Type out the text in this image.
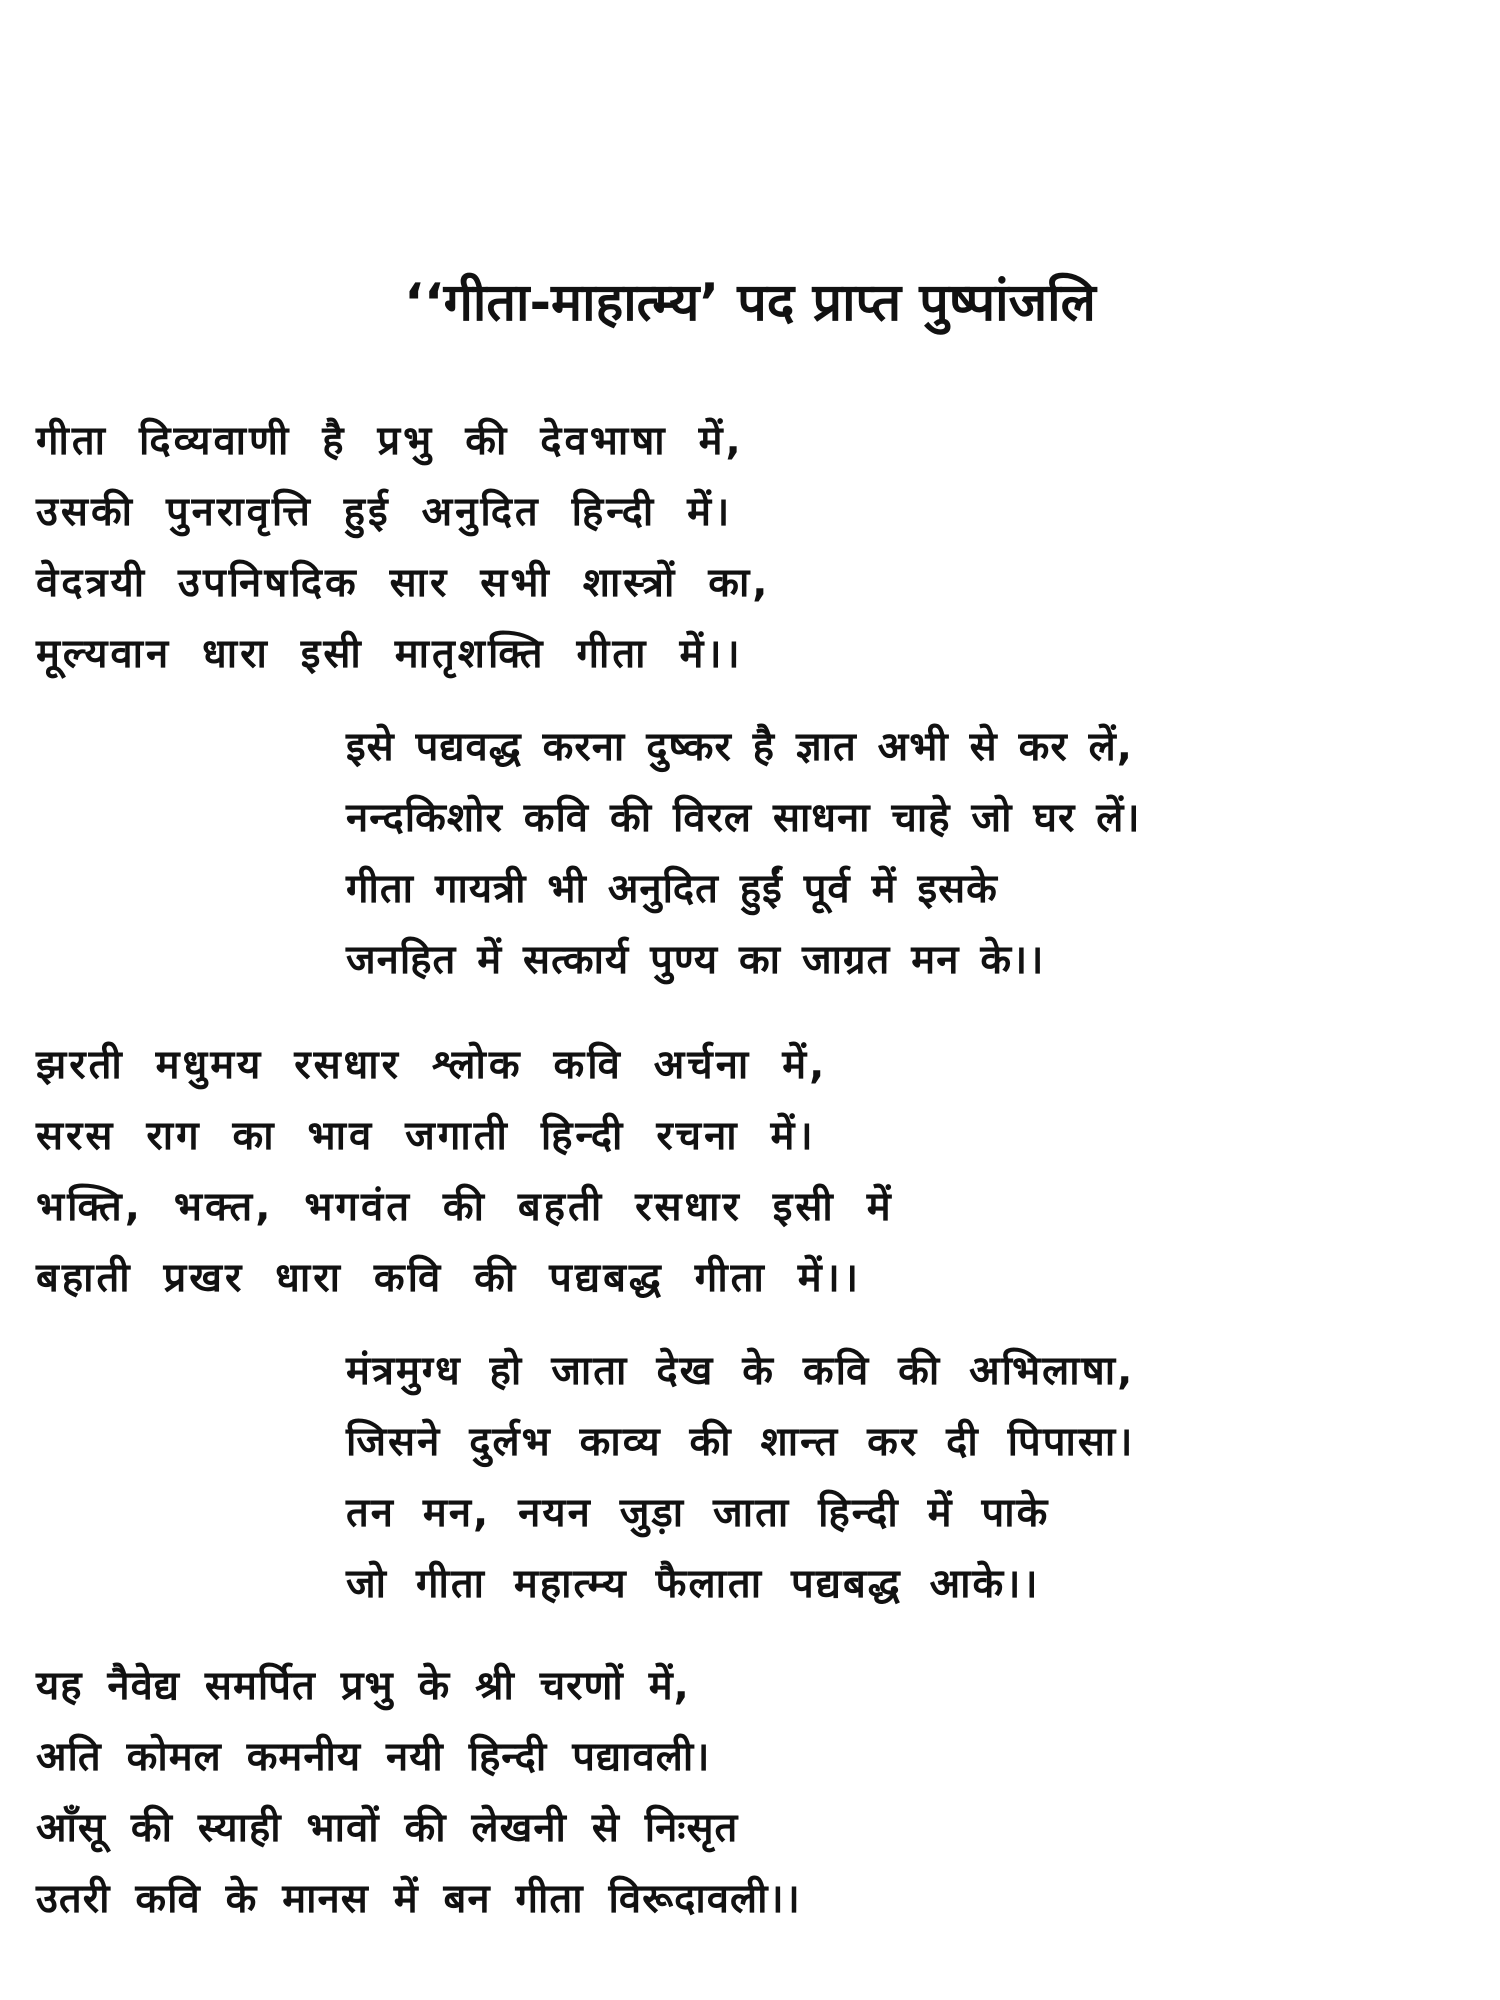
‘‘गीता-माहात्म्य’ पद प्राप्त पुष्पांजलि
गीता दिव्यवाणी है प्रभु की देवभाषा में,
उसकी पुनरावृत्ति हुई अनुदित हिन्दी में।
वेदत्रयी उपनिषदिक सार सभी शास्त्रों का,
मूल्यवान धारा इसी मातृशक्ति गीता में।।
इसे पद्यवद्ध करना दुष्कर है ज्ञात अभी से कर लें,
नन्दकिशोर कवि की विरल साधना चाहे जो घर लें।
गीता गायत्री भी अनुदित हुईं पूर्व में इसके
जनहित में सत्कार्य पुण्य का जाग्रत मन के।।
झरती मधुमय रसधार श्लोक कवि अर्चना में,
सरस राग का भाव जगाती हिन्दी रचना में।
भक्ति, भक्त, भगवंत की बहती रसधार इसी में
बहाती प्रखर धारा कवि की पद्यबद्ध गीता में।।
मंत्रमुग्ध हो जाता देख के कवि की अभिलाषा,
जिसने दुर्लभ काव्य की शान्त कर दी पिपासा।
तन मन, नयन जुड़ा जाता हिन्दी में पाके
जो गीता महात्म्य फैलाता पद्यबद्ध आके।।
यह नैवेद्य समर्पित प्रभु के श्री चरणों में,
अति कोमल कमनीय नयी हिन्दी पद्यावली।
आँसू की स्याही भावों की लेखनी से निःसृत
उतरी कवि के मानस में बन गीता विरूदावली।।
